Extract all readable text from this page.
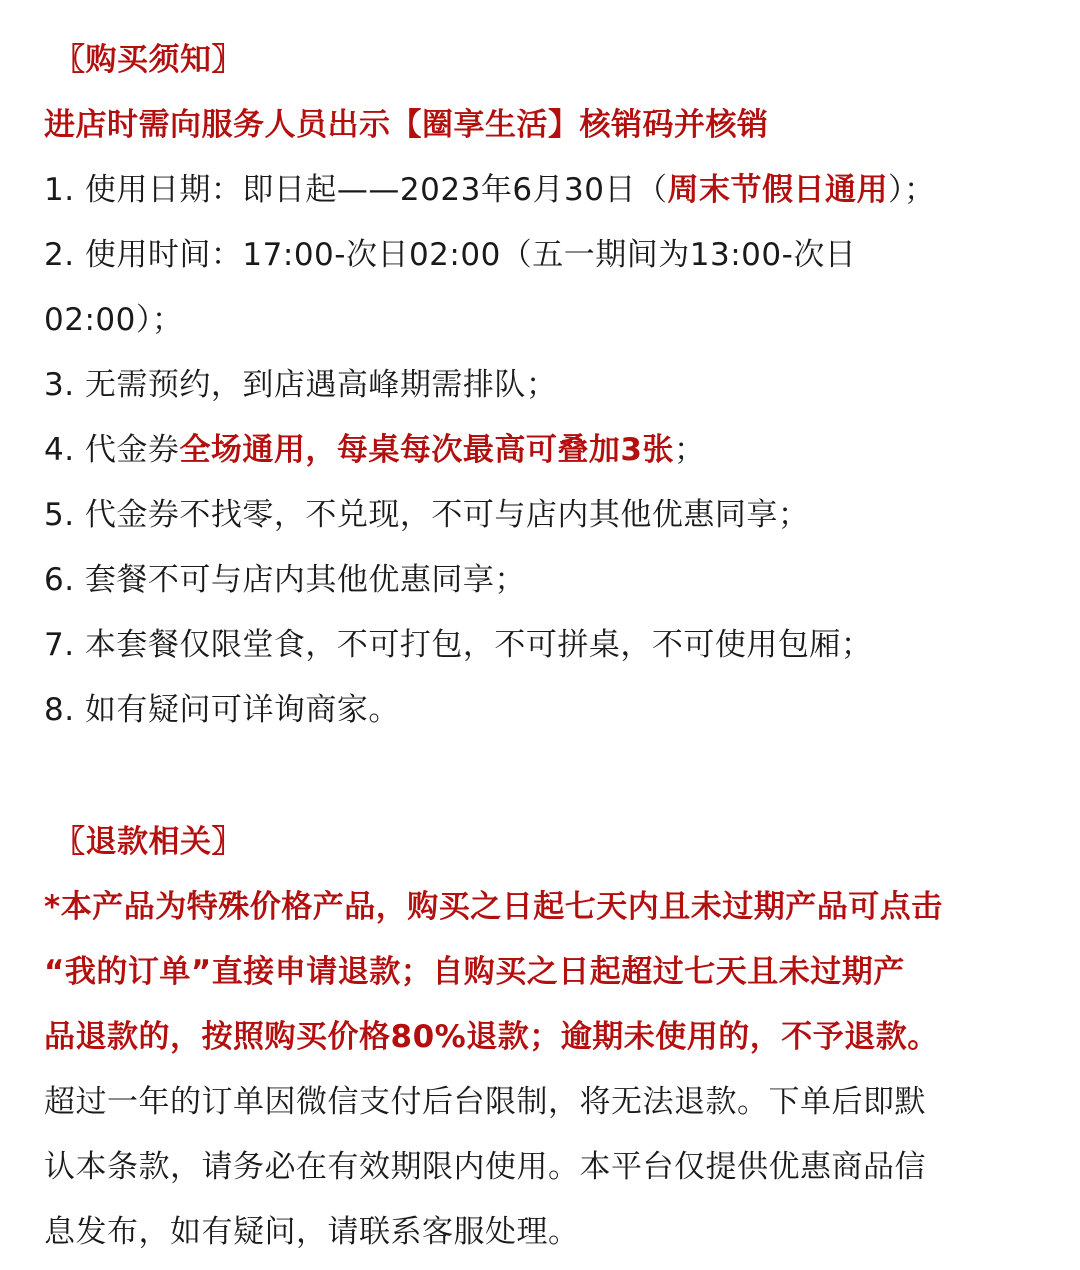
〖购买须知〗
进店时需向服务人员出示【圈享生活】核销码并核销
1. 使用日期：即日起——2023年6月30日（周末节假日通用）；
2. 使用时间：17:00-次日02:00（五一期间为13:00-次日
02:00）；
3. 无需预约，到店遇高峰期需排队；
4. 代金券全场通用，每桌每次最高可叠加3张；
5. 代金券不找零，不兑现，不可与店内其他优惠同享；
6. 套餐不可与店内其他优惠同享；
7. 本套餐仅限堂食，不可打包，不可拼桌，不可使用包厢；
8. 如有疑问可详询商家。
〖退款相关〗
*本产品为特殊价格产品，购买之日起七天内且未过期产品可点击
“我的订单”直接申请退款；自购买之日起超过七天且未过期产
品退款的，按照购买价格80%退款；逾期未使用的，不予退款。
超过一年的订单因微信支付后台限制，将无法退款。下单后即默
认本条款，请务必在有效期限内使用。本平台仅提供优惠商品信
息发布，如有疑问，请联系客服处理。
